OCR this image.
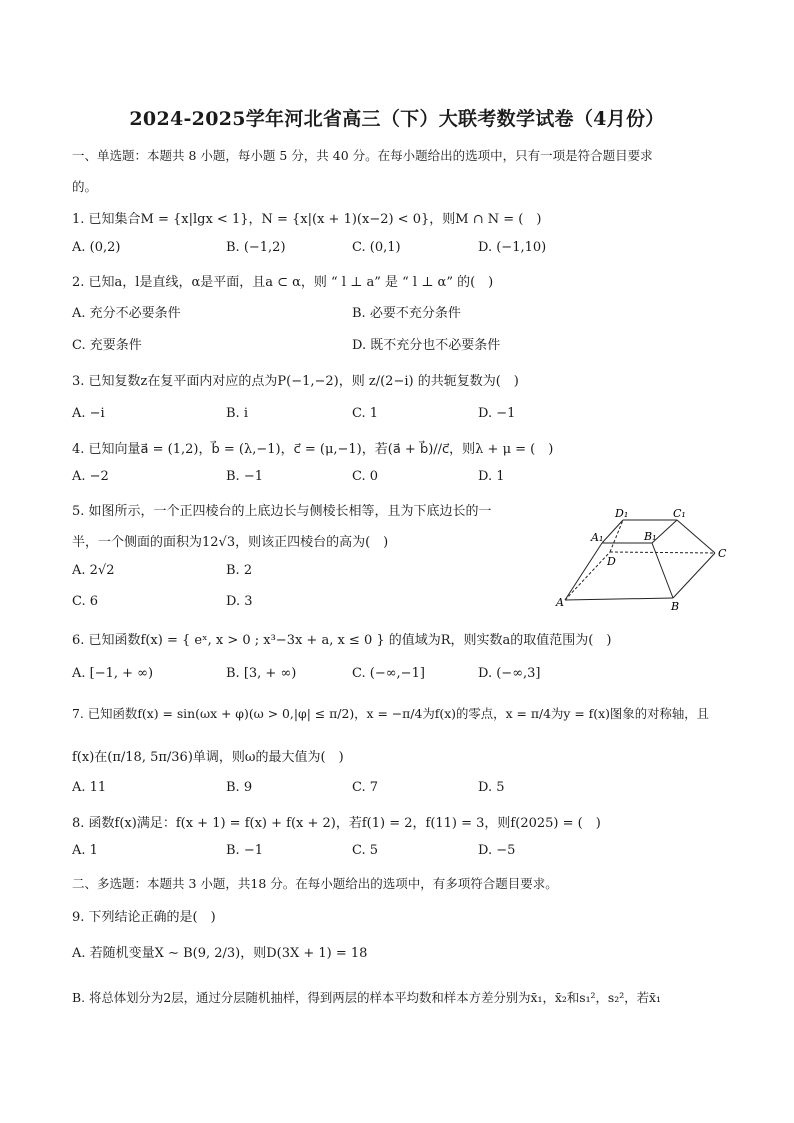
2024-2025学年河北省高三（下）大联考数学试卷（4月份）
一、单选题：本题共 8 小题，每小题 5 分，共 40 分。在每小题给出的选项中，只有一项是符合题目要求
的。
1. 已知集合M = {x|lgx < 1}，N = {x|(x + 1)(x−2) < 0}，则M ∩ N = (　)
A. (0,2)	B. (−1,2)	C. (0,1)	D. (−1,10)
2. 已知a，l是直线，α是平面，且a ⊂ α，则 “ l ⊥ a” 是 “ l ⊥ α” 的(　)
A. 充分不必要条件	B. 必要不充分条件
C. 充要条件	D. 既不充分也不必要条件
3. 已知复数z在复平面内对应的点为P(−1,−2)，则 z/(2−i) 的共轭复数为(　)
A. −i	B. i	C. 1	D. −1
4. 已知向量a⃗ = (1,2)，b⃗ = (λ,−1)，c⃗ = (μ,−1)，若(a⃗ + b⃗)//c⃗，则λ + μ = (　)
A. −2	B. −1	C. 0	D. 1
5. 如图所示，一个正四棱台的上底边长与侧棱长相等，且为下底边长的一
半，一个侧面的面积为12√3，则该正四棱台的高为(　)
A. 2√2	B. 2
C. 6	D. 3
D₁	C₁
A₁	B₁
D
C
A	B
6. 已知函数f(x) = { eˣ, x > 0 ; x³−3x + a, x ≤ 0 } 的值域为R，则实数a的取值范围为(　)
A. [−1, + ∞)	B. [3, + ∞)	C. (−∞,−1]	D. (−∞,3]
7. 已知函数f(x) = sin(ωx + φ)(ω > 0,|φ| ≤ π/2)，x = −π/4为f(x)的零点，x = π/4为y = f(x)图象的对称轴，且
f(x)在(π/18, 5π/36)单调，则ω的最大值为(　)
A. 11	B. 9	C. 7	D. 5
8. 函数f(x)满足：f(x + 1) = f(x) + f(x + 2)，若f(1) = 2，f(11) = 3，则f(2025) = (　)
A. 1	B. −1	C. 5	D. −5
二、多选题：本题共 3 小题，共18 分。在每小题给出的选项中，有多项符合题目要求。
9. 下列结论正确的是(　)
A. 若随机变量X ∼ B(9, 2/3)，则D(3X + 1) = 18
B. 将总体划分为2层，通过分层随机抽样，得到两层的样本平均数和样本方差分别为x̄₁，x̄₂和s₁²，s₂²，若x̄₁
